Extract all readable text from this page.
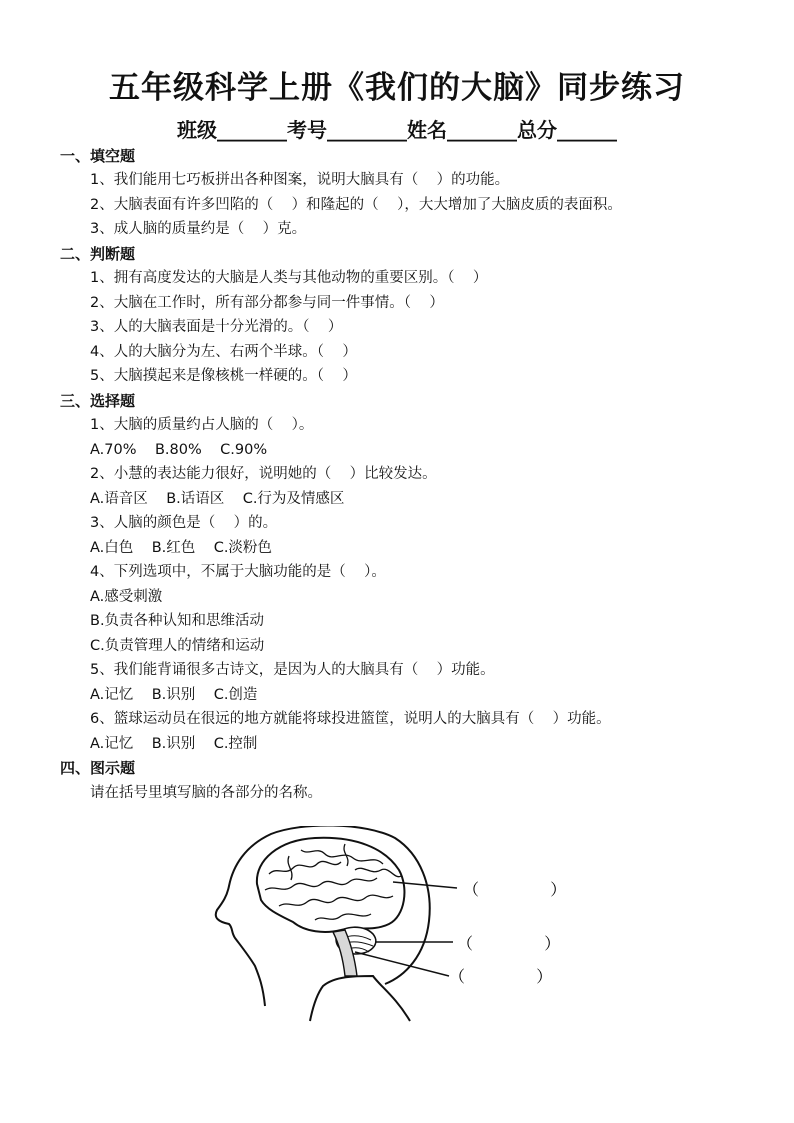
五年级科学上册《我们的大脑》同步练习
班级_______考号________姓名_______总分______
一、填空题
1、我们能用七巧板拼出各种图案，说明大脑具有（    ）的功能。
2、大脑表面有许多凹陷的（    ）和隆起的（    ），大大增加了大脑皮质的表面积。
3、成人脑的质量约是（    ）克。
二、判断题
1、拥有高度发达的大脑是人类与其他动物的重要区别。（    ）
2、大脑在工作时，所有部分都参与同一件事情。（    ）
3、人的大脑表面是十分光滑的。（    ）
4、人的大脑分为左、右两个半球。（    ）
5、大脑摸起来是像核桃一样硬的。（    ）
三、选择题
1、大脑的质量约占人脑的（    ）。
A.70%    B.80%    C.90%
2、小慧的表达能力很好，说明她的（    ）比较发达。
A.语音区    B.话语区    C.行为及情感区
3、人脑的颜色是（    ）的。
A.白色    B.红色    C.淡粉色
4、下列选项中，不属于大脑功能的是（    ）。
A.感受刺激
B.负责各种认知和思维活动
C.负责管理人的情绪和运动
5、我们能背诵很多古诗文，是因为人的大脑具有（    ）功能。
A.记忆    B.识别    C.创造
6、篮球运动员在很远的地方就能将球投进篮筐，说明人的大脑具有（    ）功能。
A.记忆    B.识别    C.控制
四、图示题
请在括号里填写脑的各部分的名称。
（              ）
（              ）
（              ）
